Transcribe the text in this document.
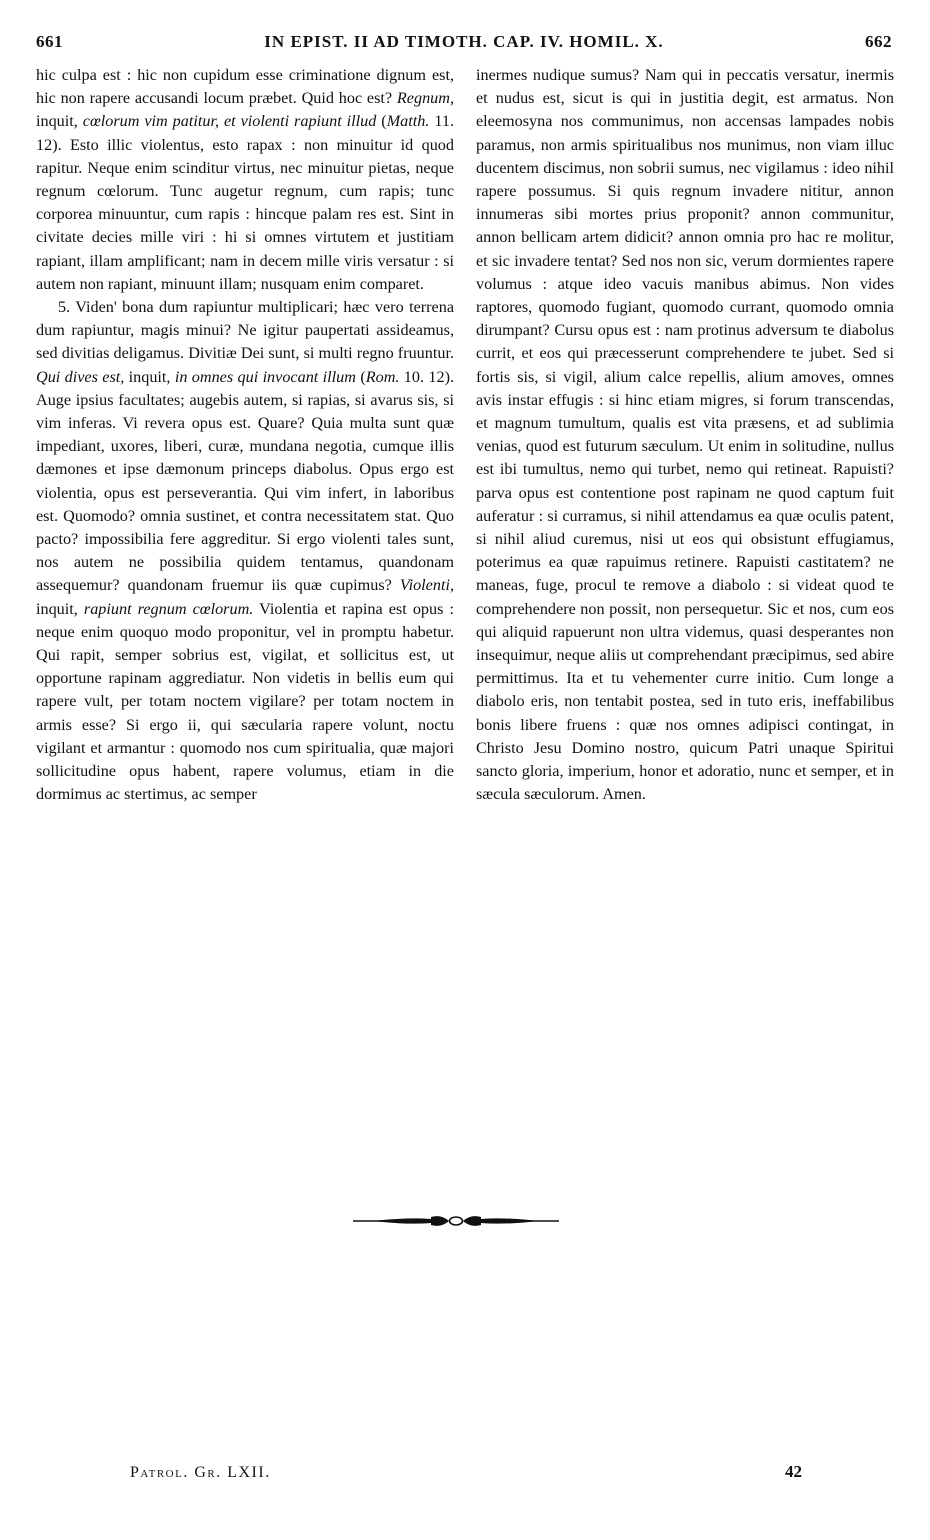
661	IN EPIST. II AD TIMOTH. CAP. IV. HOMIL. X.	662

hic culpa est : hic non cupidum esse criminatione dignum est, hic non rapere accusandi locum præbet. Quid hoc est? Regnum, inquit, cœlorum vim patitur, et violenti rapiunt illud (Matth. 11. 12). Esto illic violentus, esto rapax : non minuitur id quod rapitur. Neque enim scinditur virtus, nec minuitur pietas, neque regnum cœlorum. Tunc augetur regnum, cum rapis; tunc corporea minuuntur, cum rapis : hincque palam res est. Sint in civitate decies mille viri : hi si omnes virtutem et justitiam rapiant, illam amplificant; nam in decem mille viris versatur : si autem non rapiant, minuunt illam; nusquam enim comparet.

5. Viden' bona dum rapiuntur multiplicari; hæc vero terrena dum rapiuntur, magis minui? Ne igitur paupertati assideamus, sed divitias deligamus. Divitiæ Dei sunt, si multi regno fruuntur. Qui dives est, inquit, in omnes qui invocant illum (Rom. 10. 12). Auge ipsius facultates; augebis autem, si rapias, si avarus sis, si vim inferas. Vi revera opus est. Quare? Quia multa sunt quæ impediant, uxores, liberi, curæ, mundana negotia, cumque illis dæmones et ipse dæmonum princeps diabolus. Opus ergo est violentia, opus est perseverantia. Qui vim infert, in laboribus est. Quomodo? omnia sustinet, et contra necessitatem stat. Quo pacto? impossibilia fere aggreditur. Si ergo violenti tales sunt, nos autem ne possibilia quidem tentamus, quandonam assequemur? quandonam fruemur iis quæ cupimus? Violenti, inquit, rapiunt regnum cœlorum. Violentia et rapina est opus : neque enim quoquo modo proponitur, vel in promptu habetur. Qui rapit, semper sobrius est, vigilat, et sollicitus est, ut opportune rapinam aggrediatur. Non videtis in bellis eum qui rapere vult, per totam noctem vigilare? per totam noctem in armis esse? Si ergo ii, qui sæcularia rapere volunt, noctu vigilant et armantur : quomodo nos cum spiritualia, quæ majori sollicitudine opus habent, rapere volumus, etiam in die dormimus ac stertimus, ac semper

inermes nudique sumus? Nam qui in peccatis versatur, inermis et nudus est, sicut is qui in justitia degit, est armatus. Non eleemosyna nos communimus, non accensas lampades nobis paramus, non armis spiritualibus nos munimus, non viam illuc ducentem discimus, non sobrii sumus, nec vigilamus : ideo nihil rapere possumus. Si quis regnum invadere nititur, annon innumeras sibi mortes prius proponit? annon communitur, annon bellicam artem didicit? annon omnia pro hac re molitur, et sic invadere tentat? Sed nos non sic, verum dormientes rapere volumus : atque ideo vacuis manibus abimus. Non vides raptores, quomodo fugiant, quomodo currant, quomodo omnia dirumpant? Cursu opus est : nam protinus adversum te diabolus currit, et eos qui præcesserunt comprehendere te jubet. Sed si fortis sis, si vigil, alium calce repellis, alium amoves, omnes avis instar effugis : si hinc etiam migres, si forum transcendas, et magnum tumultum, qualis est vita præsens, et ad sublimia venias, quod est futurum sæculum. Ut enim in solitudine, nullus est ibi tumultus, nemo qui turbet, nemo qui retineat. Rapuisti? parva opus est contentione post rapinam ne quod captum fuit auferatur : si curramus, si nihil attendamus ea quæ oculis patent, si nihil aliud curemus, nisi ut eos qui obsistunt effugiamus, poterimus ea quæ rapuimus retinere. Rapuisti castitatem? ne maneas, fuge, procul te remove a diabolo : si videat quod te comprehendere non possit, non persequetur. Sic et nos, cum eos qui aliquid rapuerunt non ultra videmus, quasi desperantes non insequimur, neque aliis ut comprehendant præcipimus, sed abire permittimus. Ita et tu vehementer curre initio. Cum longe a diabolo eris, non tentabit postea, sed in tuto eris, ineffabilibus bonis libere fruens : quæ nos omnes adipisci contingat, in Christo Jesu Domino nostro, quicum Patri unaque Spiritui sancto gloria, imperium, honor et adoratio, nunc et semper, et in sæcula sæculorum. Amen.

Patrol. Gr. LXII.	42
